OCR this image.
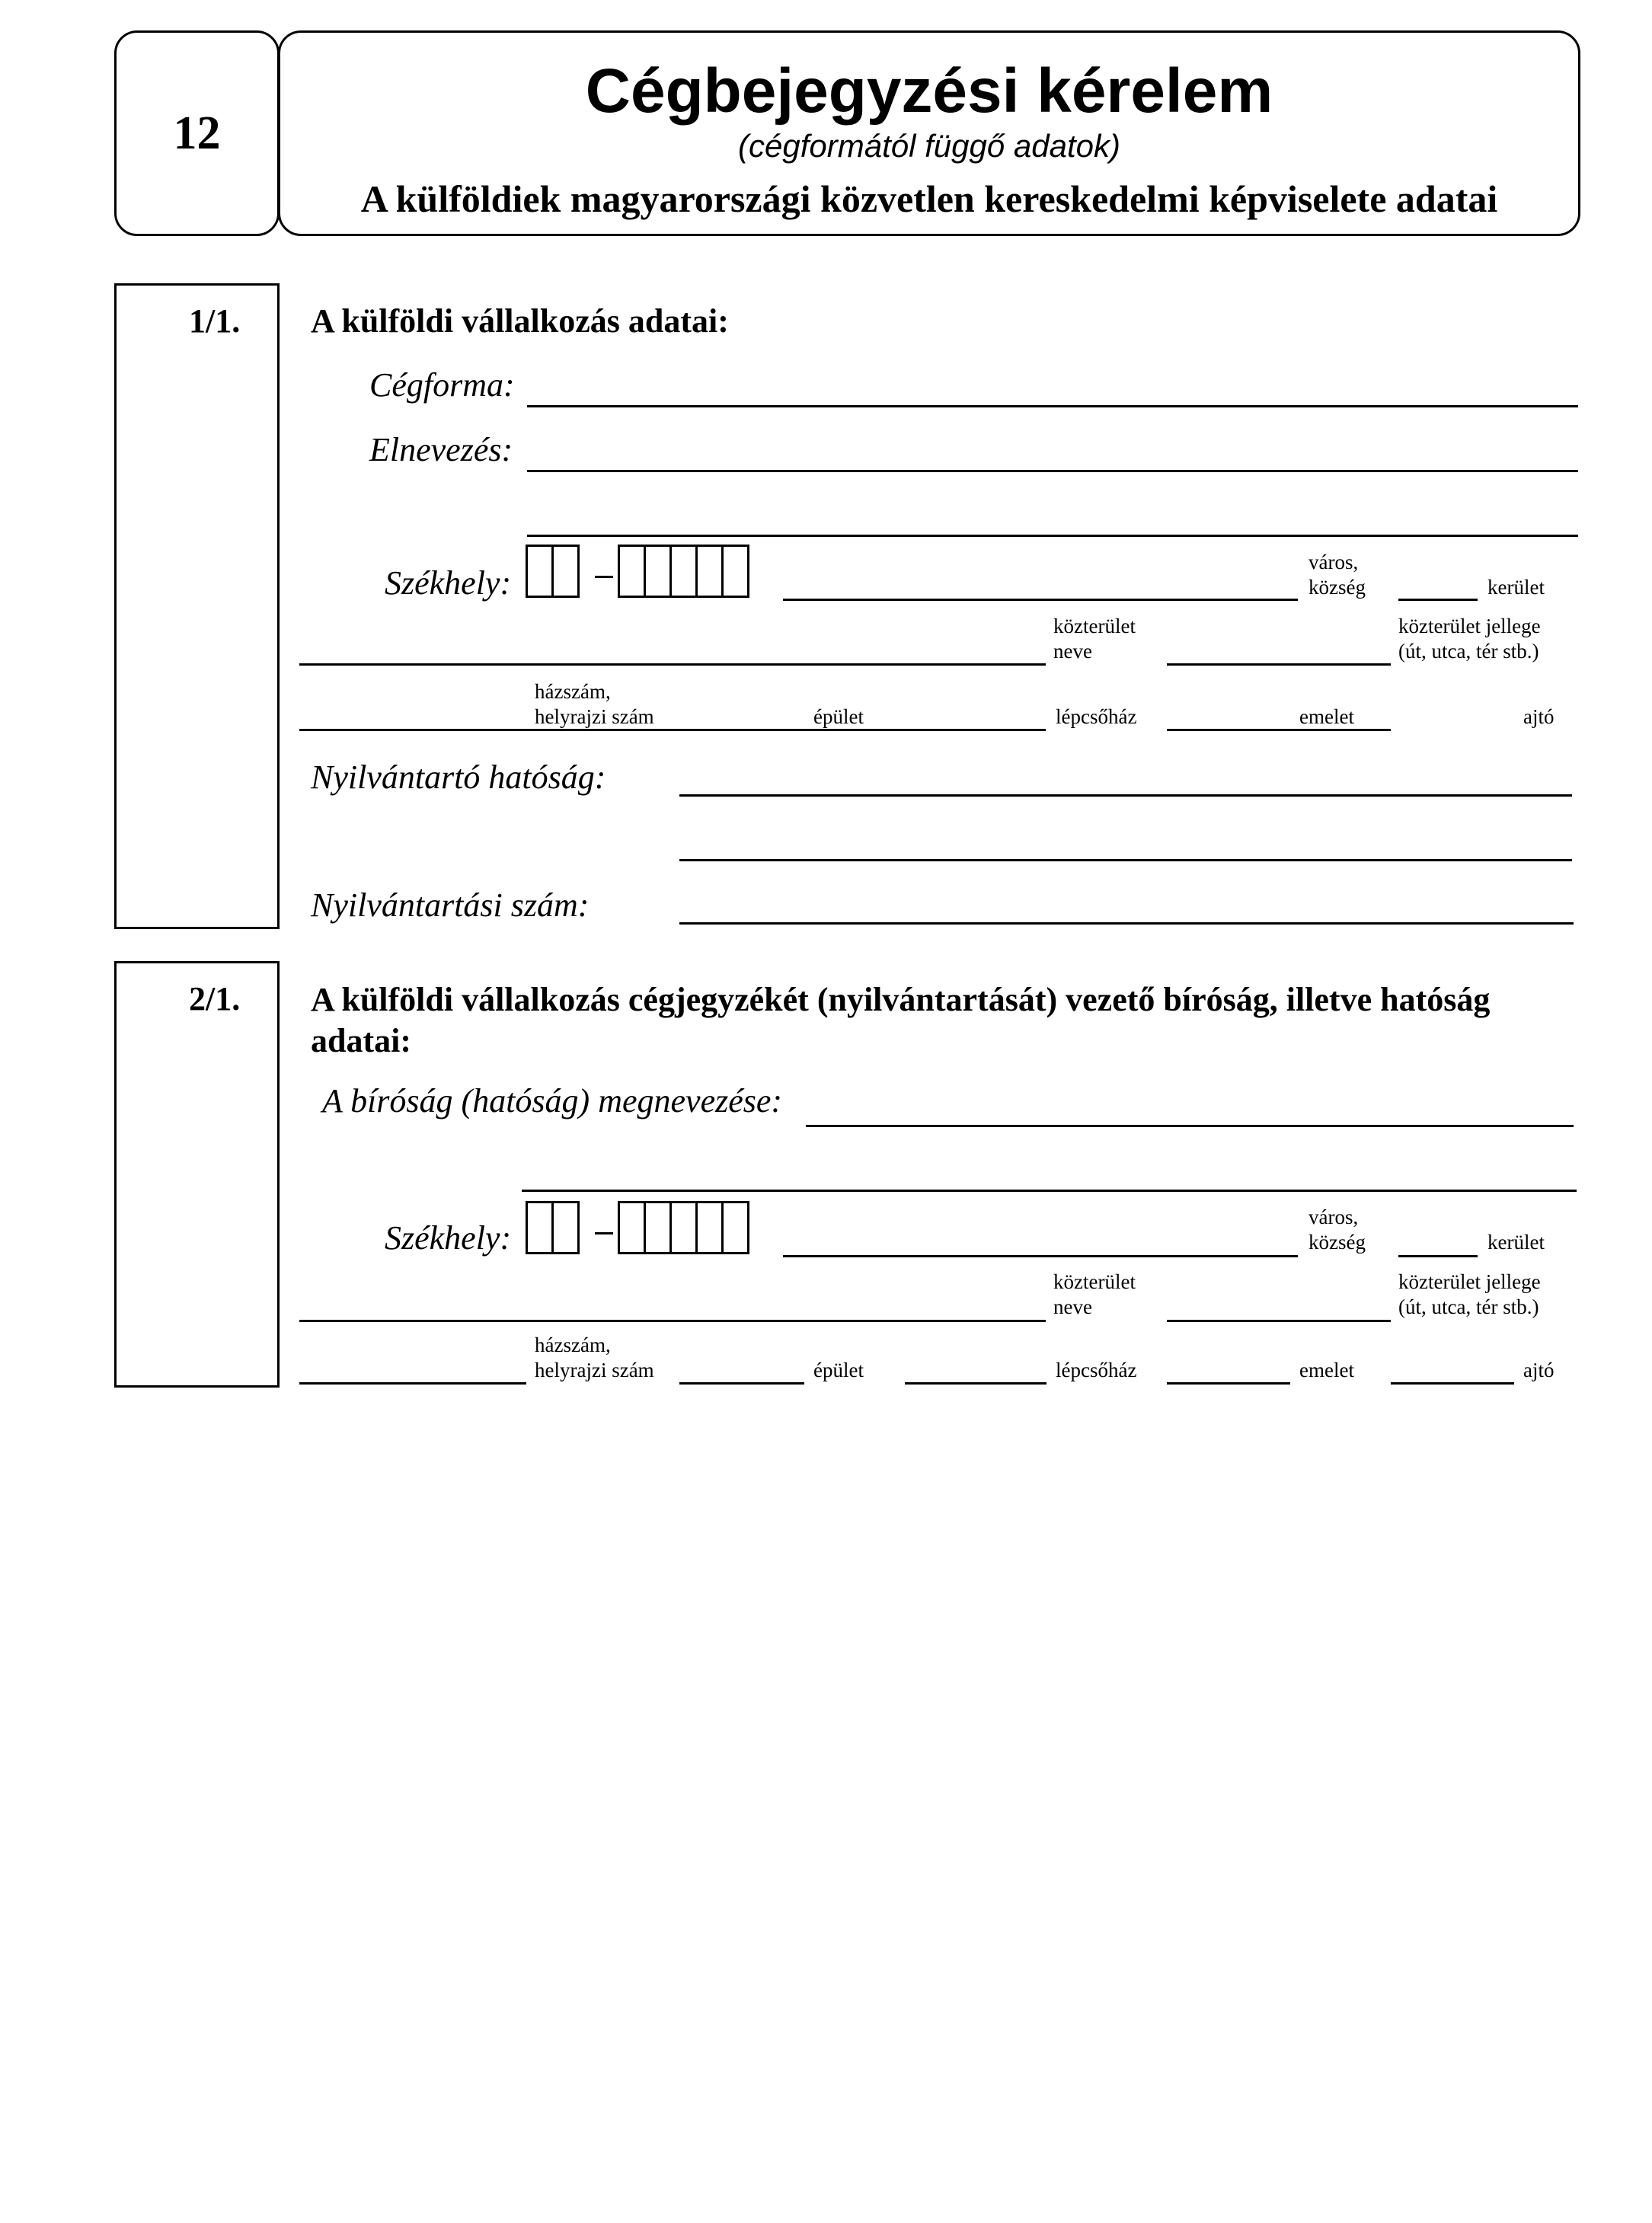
12
Cégbejegyzési kérelem
(cégformától függő adatok)
A külföldiek magyarországi közvetlen kereskedelmi képviselete adatai
1/1. A külföldi vállalkozás adatai:
Cégforma:
Elnevezés:
Székhely:
város,
község	kerület
közterület
neve
közterület jellege
(út, utca, tér stb.)
házszám,
helyrajzi szám	épület	lépcsőház	emelet	ajtó
Nyilvántartó hatóság:
Nyilvántartási szám:
2/1. A külföldi vállalkozás cégjegyzékét (nyilvántartását) vezető bíróság, illetve hatóság
adatai:
A bíróság (hatóság) megnevezése:
Székhely:
város,
község	kerület
közterület
neve
közterület jellege
(út, utca, tér stb.)
házszám,
helyrajzi szám	épület	lépcsőház	emelet	ajtó
